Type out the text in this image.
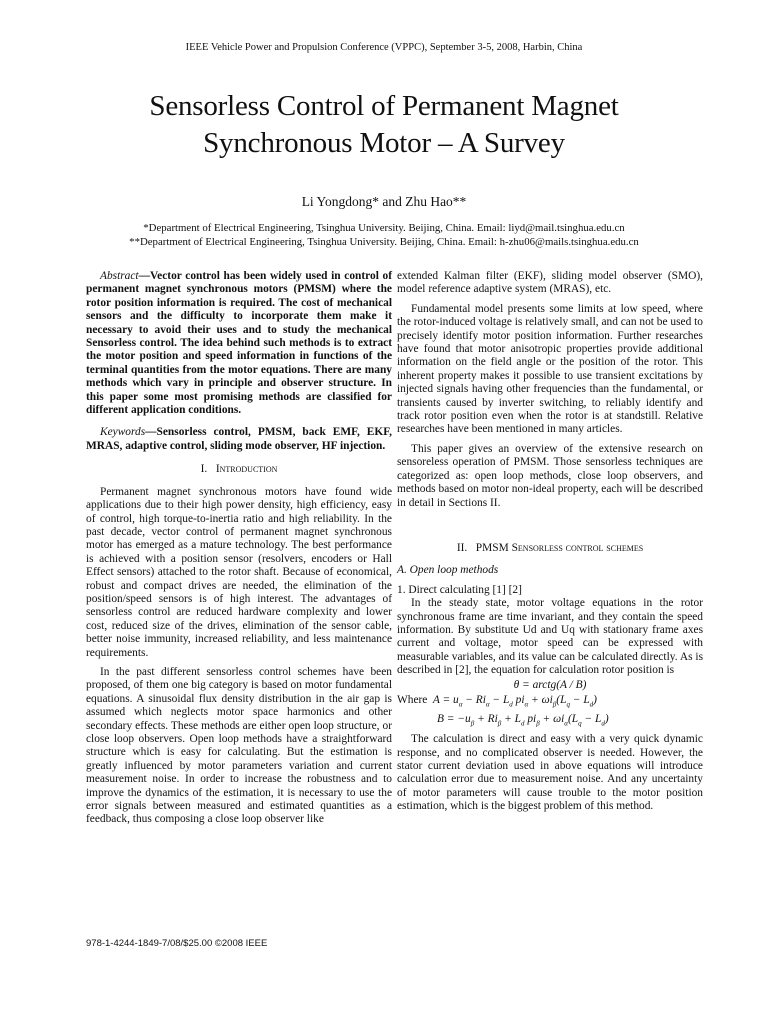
IEEE Vehicle Power and Propulsion Conference (VPPC), September 3-5, 2008, Harbin, China
Sensorless Control of Permanent Magnet
Synchronous Motor – A Survey
Li Yongdong* and Zhu Hao**
*Department of Electrical Engineering, Tsinghua University. Beijing, China. Email: liyd@mail.tsinghua.edu.cn
**Department of Electrical Engineering, Tsinghua University. Beijing, China. Email: h-zhu06@mails.tsinghua.edu.cn

Abstract—Vector control has been widely used in control of permanent magnet synchronous motors (PMSM) where the rotor position information is required. The cost of mechanical sensors and the difficulty to incorporate them make it necessary to avoid their uses and to study the mechanical Sensorless control. The idea behind such methods is to extract the motor position and speed information in functions of the terminal quantities from the motor equations. There are many methods which vary in principle and observer structure. In this paper some most promising methods are classified for different application conditions.

Keywords—Sensorless control, PMSM, back EMF, EKF, MRAS, adaptive control, sliding mode observer, HF injection.

I. Introduction

Permanent magnet synchronous motors have found wide applications due to their high power density, high efficiency, easy of control, high torque-to-inertia ratio and high reliability. In the past decade, vector control of permanent magnet synchronous motor has emerged as a mature technology. The best performance is achieved with a position sensor (resolvers, encoders or Hall Effect sensors) attached to the rotor shaft. Because of economical, robust and compact drives are needed, the elimination of the position/speed sensors is of high interest. The advantages of sensorless control are reduced hardware complexity and lower cost, reduced size of the drives, elimination of the sensor cable, better noise immunity, increased reliability, and less maintenance requirements.

In the past different sensorless control schemes have been proposed, of them one big category is based on motor fundamental equations. A sinusoidal flux density distribution in the air gap is assumed which neglects motor space harmonics and other secondary effects. These methods are either open loop structure, or close loop observers. Open loop methods have a straightforward structure which is easy for calculating. But the estimation is greatly influenced by motor parameters variation and current measurement noise. In order to increase the robustness and to improve the dynamics of the estimation, it is necessary to use the error signals between measured and estimated quantities as a feedback, thus composing a close loop observer like

extended Kalman filter (EKF), sliding model observer (SMO), model reference adaptive system (MRAS), etc.

Fundamental model presents some limits at low speed, where the rotor-induced voltage is relatively small, and can not be used to precisely identify motor position information. Further researches have found that motor anisotropic properties provide additional information on the field angle or the position of the rotor. This inherent property makes it possible to use transient excitations by injected signals having other frequencies than the fundamental, or transients caused by inverter switching, to reliably identify and track rotor position even when the rotor is at standstill. Relative researches have been mentioned in many articles.

This paper gives an overview of the extensive research on sensoreless operation of PMSM. Those sensorless techniques are categorized as: open loop methods, close loop observers, and methods based on motor non-ideal property, each will be described in detail in Sections II.

II. PMSM Sensorless control schemes
A. Open loop methods

1. Direct calculating [1] [2]

In the steady state, motor voltage equations in the rotor synchronous frame are time invariant, and they contain the speed information. By substitute Ud and Uq with stationary frame axes current and voltage, motor speed can be expressed with measurable variables, and its value can be calculated directly. As is described in [2], the equation for calculation rotor position is

θ = arctg(A / B)
Where  $A = u_\alpha - Ri_\alpha - L_d$ $pi_\alpha + \omega i_\beta(L_q - L_d)$
$B = -u_\beta + Ri_\beta + L_d$ $pi_\beta + \omega i_\alpha(L_q - L_d)$

The calculation is direct and easy with a very quick dynamic response, and no complicated observer is needed. However, the stator current deviation used in above equations will introduce calculation error due to measurement noise. And any uncertainty of motor parameters will cause trouble to the motor position estimation, which is the biggest problem of this method.

978-1-4244-1849-7/08/$25.00 ©2008 IEEE
